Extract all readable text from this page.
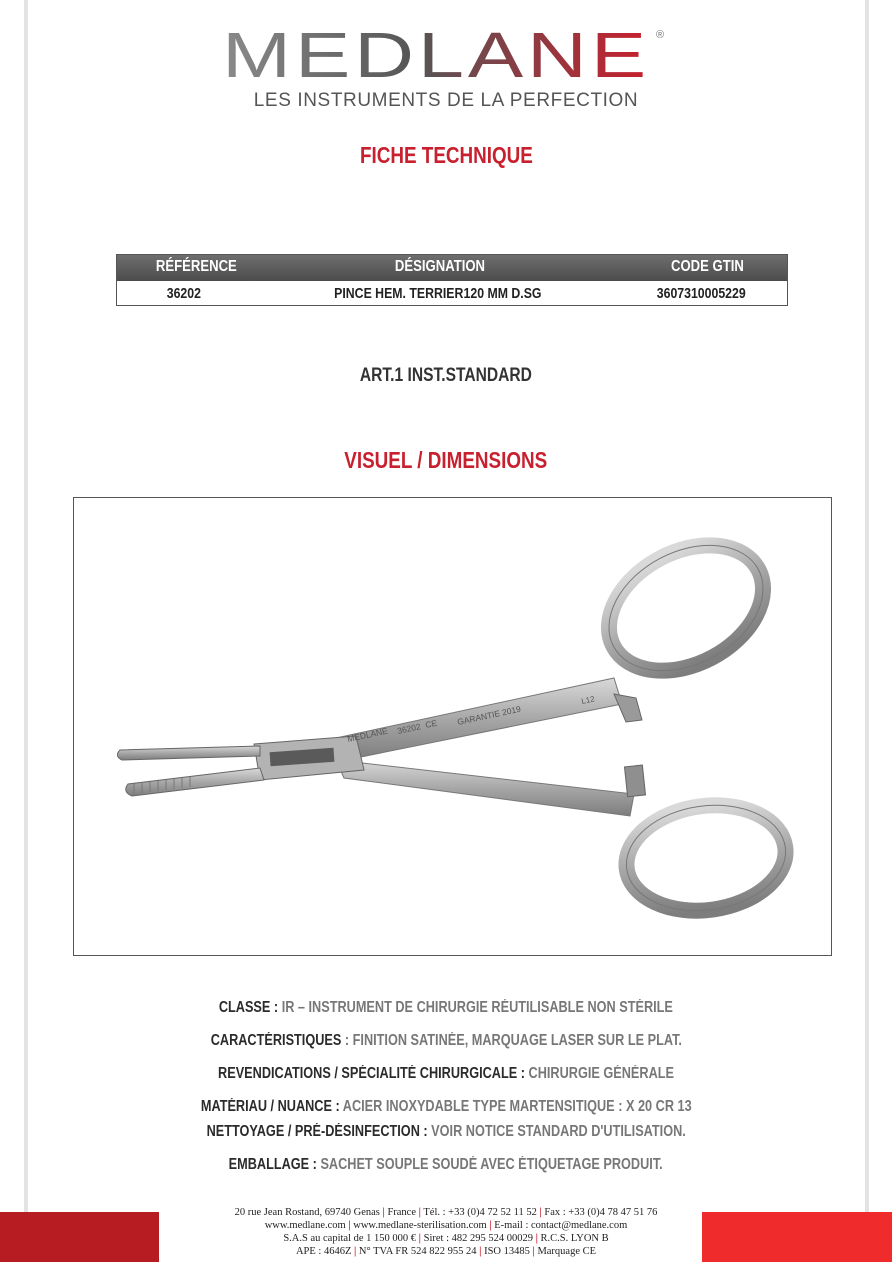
MEDLANE ®
LES INSTRUMENTS DE LA PERFECTION
FICHE TECHNIQUE
RÉFÉRENCE	DÉSIGNATION	CODE GTIN
36202	PINCE HEM. TERRIER 120 MM D.SG	3607310005229
ART.1 INST.STANDARD
VISUEL / DIMENSIONS
MEDLANE 36202 CE GARANTIE 2019
L12
CLASSE : IR – INSTRUMENT DE CHIRURGIE RÉUTILISABLE NON STÉRILE
CARACTÉRISTIQUES : FINITION SATINÉE, MARQUAGE LASER SUR LE PLAT.
REVENDICATIONS / SPÉCIALITÉ CHIRURGICALE : CHIRURGIE GÉNÉRALE
MATÉRIAU / NUANCE : ACIER INOXYDABLE TYPE MARTENSITIQUE : X 20 CR 13
NETTOYAGE / PRÉ-DÉSINFECTION : VOIR NOTICE STANDARD D'UTILISATION.
EMBALLAGE : SACHET SOUPLE SOUDÉ AVEC ÉTIQUETAGE PRODUIT.
20 rue Jean Rostand, 69740 Genas | France | Tél. : +33 (0)4 72 52 11 52 | Fax : +33 (0)4 78 47 51 76
www.medlane.com | www.medlane-sterilisation.com | E-mail : contact@medlane.com
S.A.S au capital de 1 150 000 € | Siret : 482 295 524 00029 | R.C.S. LYON B
APE : 4646Z | N° TVA FR 524 822 955 24 | ISO 13485 | Marquage CE
